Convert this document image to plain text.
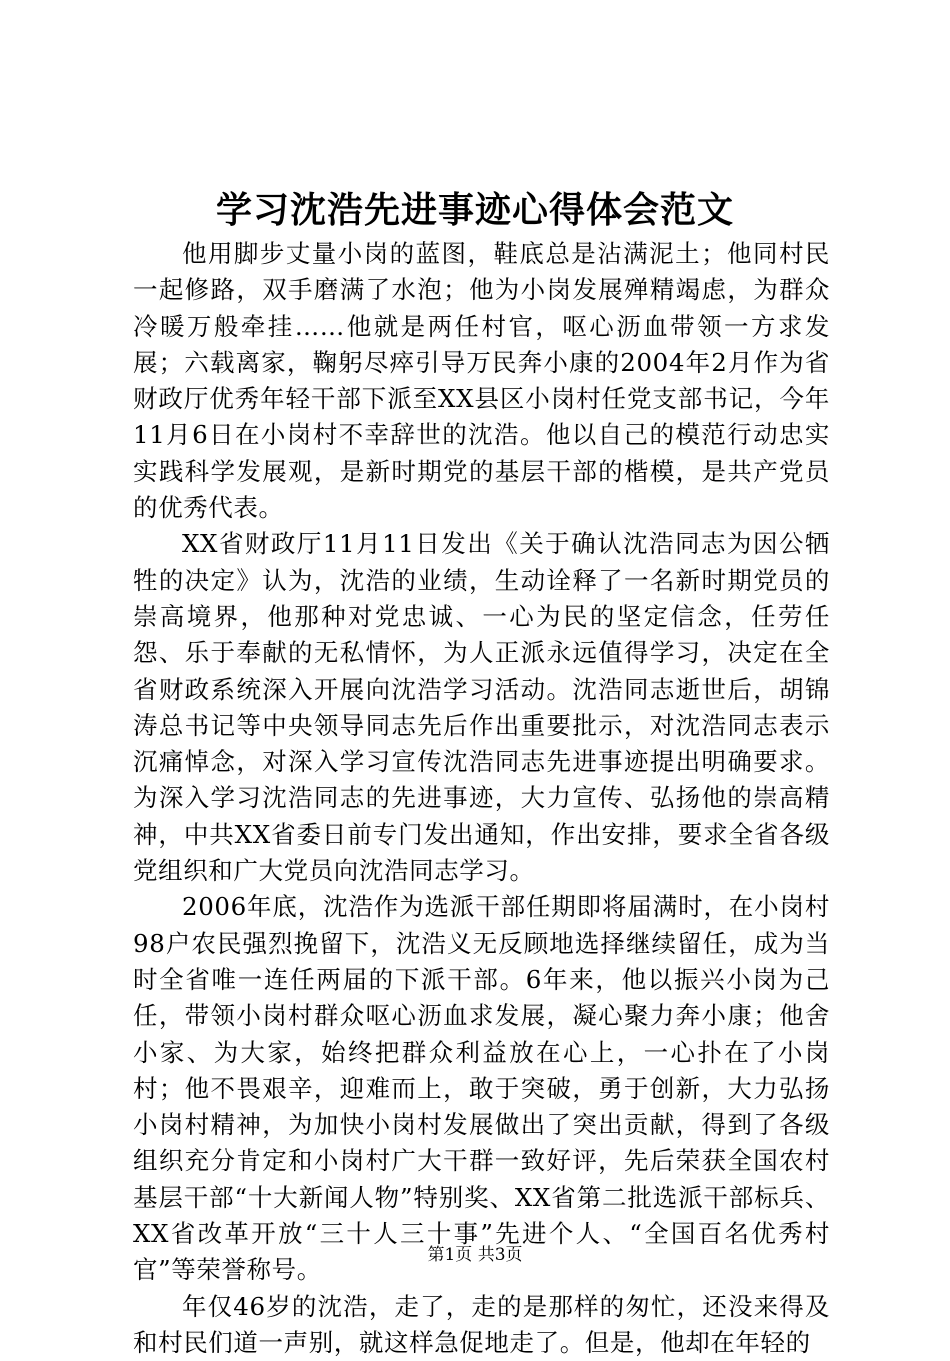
学习沈浩先进事迹心得体会范文

他用脚步丈量小岗的蓝图，鞋底总是沾满泥土；他同村民一起修路，双手磨满了水泡；他为小岗发展殚精竭虑，为群众冷暖万般牵挂……他就是两任村官，呕心沥血带领一方求发展；六载离家，鞠躬尽瘁引导万民奔小康的2004年2月作为省财政厅优秀年轻干部下派至XX县区小岗村任党支部书记，今年11月6日在小岗村不幸辞世的沈浩。他以自己的模范行动忠实实践科学发展观，是新时期党的基层干部的楷模，是共产党员的优秀代表。

XX省财政厅11月11日发出《关于确认沈浩同志为因公牺牲的决定》认为，沈浩的业绩，生动诠释了一名新时期党员的崇高境界，他那种对党忠诚、一心为民的坚定信念，任劳任怨、乐于奉献的无私情怀，为人正派永远值得学习，决定在全省财政系统深入开展向沈浩学习活动。沈浩同志逝世后，胡锦涛总书记等中央领导同志先后作出重要批示，对沈浩同志表示沉痛悼念，对深入学习宣传沈浩同志先进事迹提出明确要求。为深入学习沈浩同志的先进事迹，大力宣传、弘扬他的崇高精神，中共XX省委日前专门发出通知，作出安排，要求全省各级党组织和广大党员向沈浩同志学习。

2006年底，沈浩作为选派干部任期即将届满时，在小岗村98户农民强烈挽留下，沈浩义无反顾地选择继续留任，成为当时全省唯一连任两届的下派干部。6年来，他以振兴小岗为己任，带领小岗村群众呕心沥血求发展，凝心聚力奔小康；他舍小家、为大家，始终把群众利益放在心上，一心扑在了小岗村；他不畏艰辛，迎难而上，敢于突破，勇于创新，大力弘扬小岗村精神，为加快小岗村发展做出了突出贡献，得到了各级组织充分肯定和小岗村广大干群一致好评，先后荣获全国农村基层干部“十大新闻人物”特别奖、XX省第二批选派干部标兵、XX省改革开放“三十人三十事”先进个人、“全国百名优秀村官”等荣誉称号。

年仅46岁的沈浩，走了，走的是那样的匆忙，还没来得及和村民们道一声别，就这样急促地走了。但是，他却在年轻的

第1页 共3页
